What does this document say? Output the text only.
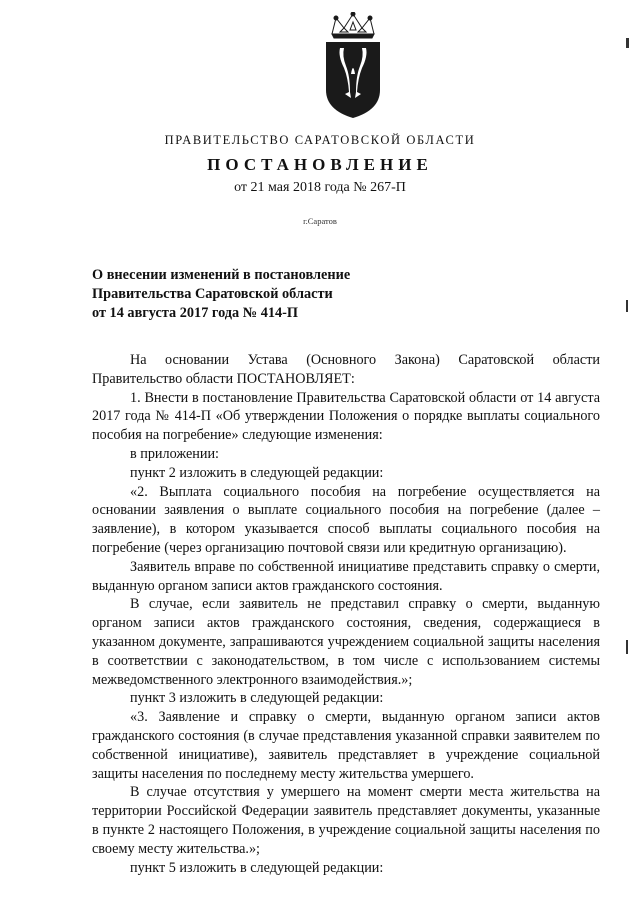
ПРАВИТЕЛЬСТВО САРАТОВСКОЙ ОБЛАСТИ
ПОСТАНОВЛЕНИЕ
от 21 мая 2018 года № 267-П
г.Саратов
О внесении изменений в постановление
Правительства Саратовской области
от 14 августа 2017 года № 414-П

На основании Устава (Основного Закона) Саратовской области Правительство области ПОСТАНОВЛЯЕТ:

1. Внести в постановление Правительства Саратовской области от 14 августа 2017 года № 414-П «Об утверждении Положения о порядке выплаты социального пособия на погребение» следующие изменения:

в приложении:

пункт 2 изложить в следующей редакции:

«2. Выплата социального пособия на погребение осуществляется на основании заявления о выплате социального пособия на погребение (далее – заявление), в котором указывается способ выплаты социального пособия на погребение (через организацию почтовой связи или кредитную организацию).

Заявитель вправе по собственной инициативе представить справку о смерти, выданную органом записи актов гражданского состояния.

В случае, если заявитель не представил справку о смерти, выданную органом записи актов гражданского состояния, сведения, содержащиеся в указанном документе, запрашиваются учреждением социальной защиты населения в соответствии с законодательством, в том числе с использованием системы межведомственного электронного взаимодействия.»;

пункт 3 изложить в следующей редакции:

«3. Заявление и справку о смерти, выданную органом записи актов гражданского состояния (в случае представления указанной справки заявителем по собственной инициативе), заявитель представляет в учреждение социальной защиты населения по последнему месту жительства умершего.

В случае отсутствия у умершего на момент смерти места жительства на территории Российской Федерации заявитель представляет документы, указанные в пункте 2 настоящего Положения, в учреждение социальной защиты населения по своему месту жительства.»;

пункт 5 изложить в следующей редакции:
